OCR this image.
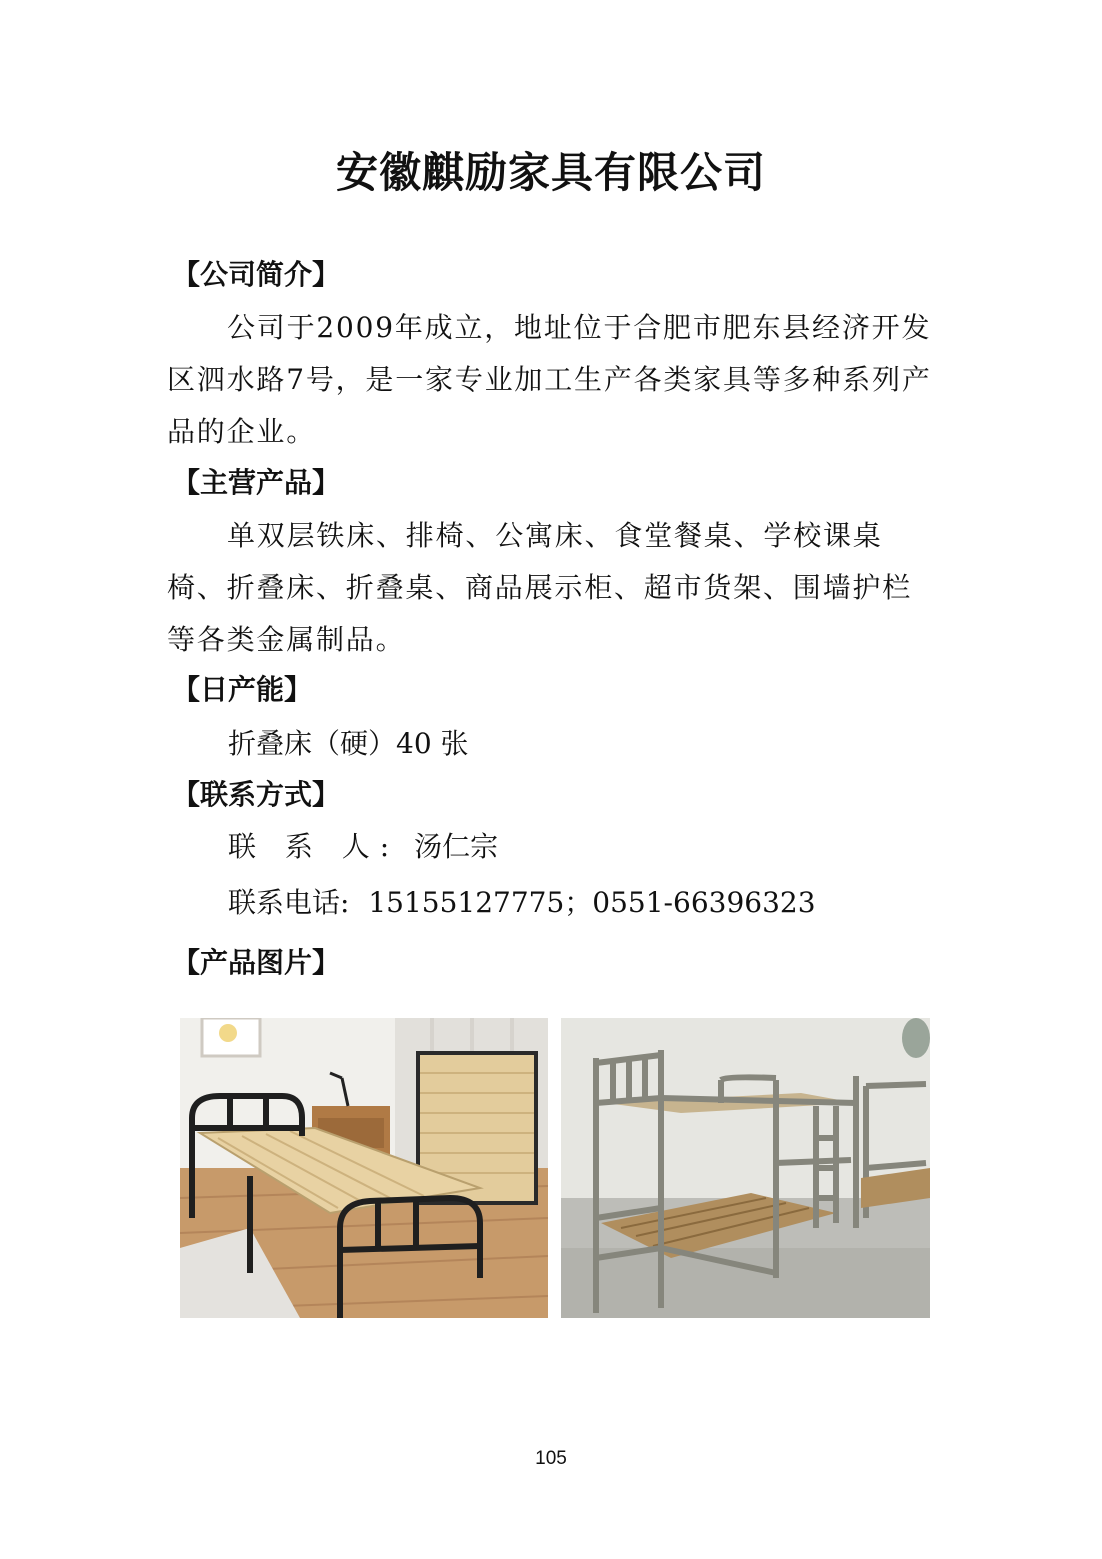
安徽麒励家具有限公司
【公司简介】

公司于2009年成立，地址位于合肥市肥东县经济开发区泗水路7号，是一家专业加工生产各类家具等多种系列产品的企业。

【主营产品】

单双层铁床、排椅、公寓床、食堂餐桌、学校课桌椅、折叠床、折叠桌、商品展示柜、超市货架、围墙护栏等各类金属制品。

【日产能】
折叠床（硬）40 张
【联系方式】
联 系 人: 汤仁宗
联系电话: 15155127775；0551-66396323
【产品图片】
105
